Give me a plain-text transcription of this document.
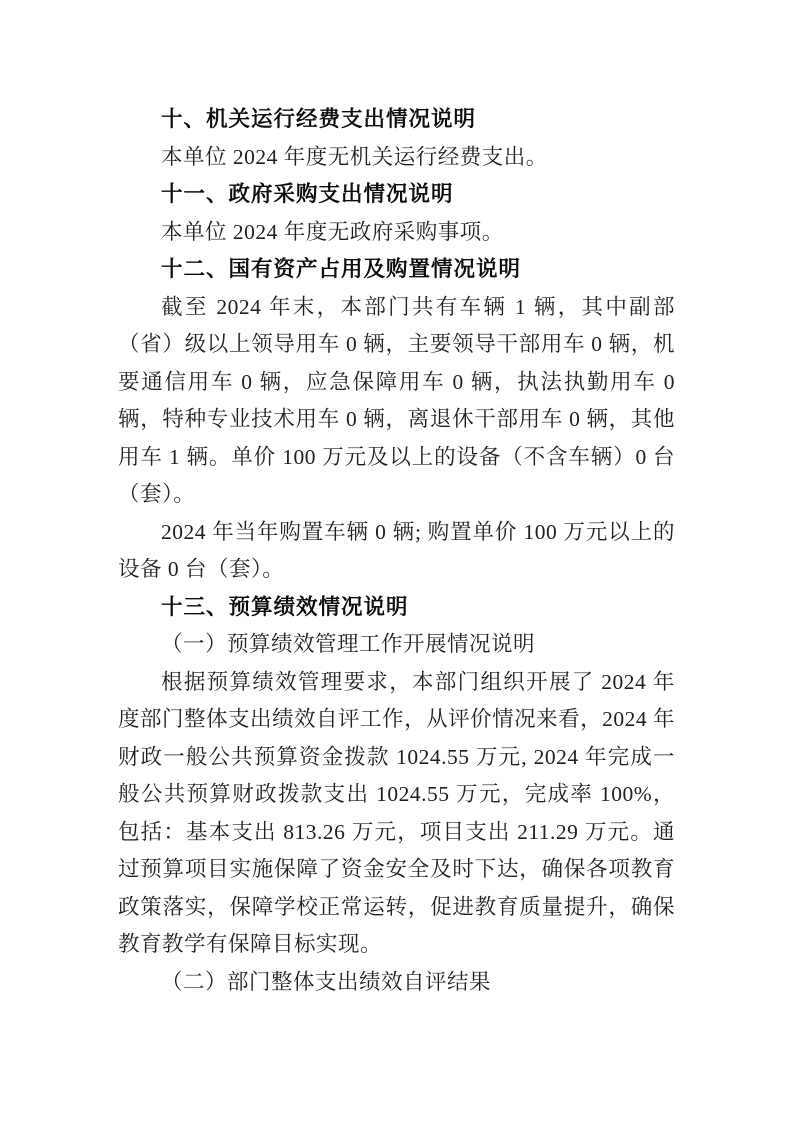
十、机关运行经费支出情况说明

本单位 2024 年度无机关运行经费支出。

十一、政府采购支出情况说明

本单位 2024 年度无政府采购事项。

十二、国有资产占用及购置情况说明

截至 2024 年末，本部门共有车辆 1 辆，其中副部（省）级以上领导用车 0 辆，主要领导干部用车 0 辆，机要通信用车 0 辆，应急保障用车 0 辆，执法执勤用车 0 辆，特种专业技术用车 0 辆，离退休干部用车 0 辆，其他用车 1 辆。单价 100 万元及以上的设备（不含车辆）0 台（套）。

2024 年当年购置车辆 0 辆; 购置单价 100 万元以上的设备 0 台（套）。

十三、预算绩效情况说明

（一）预算绩效管理工作开展情况说明

根据预算绩效管理要求，本部门组织开展了 2024 年度部门整体支出绩效自评工作，从评价情况来看，2024 年财政一般公共预算资金拨款 1024.55 万元, 2024 年完成一般公共预算财政拨款支出 1024.55 万元，完成率 100%，包括：基本支出 813.26 万元，项目支出 211.29 万元。通过预算项目实施保障了资金安全及时下达，确保各项教育政策落实，保障学校正常运转，促进教育质量提升，确保教育教学有保障目标实现。

（二）部门整体支出绩效自评结果
